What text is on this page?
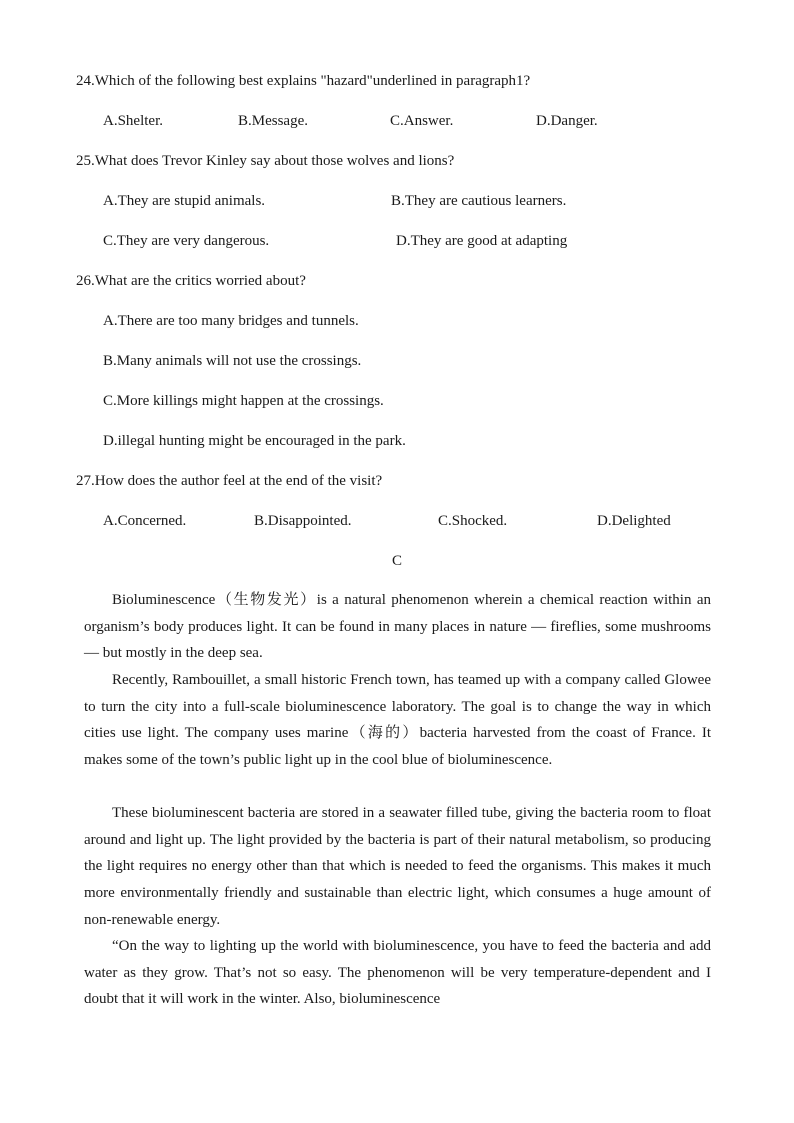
24.Which of the following best explains "hazard"underlined in paragraph1?
A.Shelter.	B.Message.	C.Answer.	D.Danger.
25.What does Trevor Kinley say about those wolves and lions?
A.They are stupid animals.	B.They are cautious learners.
C.They are very dangerous.	D.They are good at adapting
26.What are the critics worried about?
A.There are too many bridges and tunnels.
B.Many animals will not use the crossings.
C.More killings might happen at the crossings.
D.illegal hunting might be encouraged in the park.
27.How does the author feel at the end of the visit?
A.Concerned.	B.Disappointed.	C.Shocked.	D.Delighted
C

Bioluminescence（生物发光）is a natural phenomenon wherein a chemical reaction within an organism’s body produces light. It can be found in many places in nature — fireflies, some mushrooms — but mostly in the deep sea.

Recently, Rambouillet, a small historic French town, has teamed up with a company called Glowee to turn the city into a full-scale bioluminescence laboratory. The goal is to change the way in which cities use light. The company uses marine（海的）bacteria harvested from the coast of France. It makes some of the town’s public light up in the cool blue of bioluminescence.

These bioluminescent bacteria are stored in a seawater filled tube, giving the bacteria room to float around and light up. The light provided by the bacteria is part of their natural metabolism, so producing the light requires no energy other than that which is needed to feed the organisms. This makes it much more environmentally friendly and sustainable than electric light, which consumes a huge amount of non-renewable energy.

“On the way to lighting up the world with bioluminescence, you have to feed the bacteria and add water as they grow. That’s not so easy. The phenomenon will be very temperature-dependent and I doubt that it will work in the winter. Also, bioluminescence
